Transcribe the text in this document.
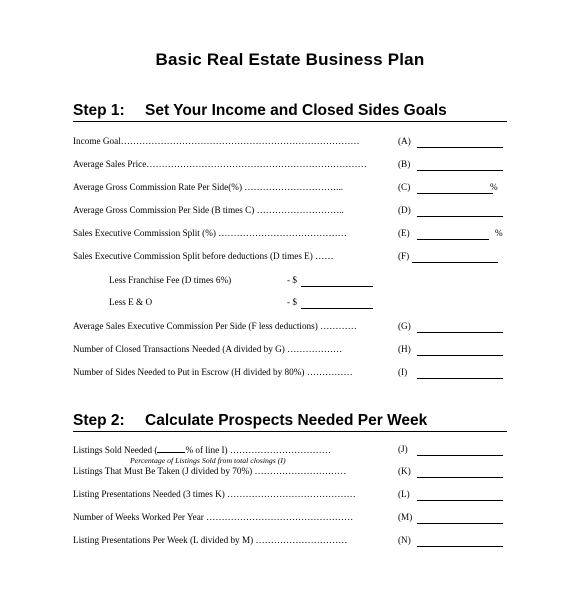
Basic Real Estate Business Plan
Step 1: Set Your Income and Closed Sides Goals
Income Goal……………………………………………………………………	(A)
Average Sales Price………………………………………………………………	(B)
Average Gross Commission Rate Per Side(%) …………………………...	(C)	%
Average Gross Commission Per Side (B times C) ………………………..	(D)
Sales Executive Commission Split (%) ……………………………………	(E)	%
Sales Executive Commission Split before deductions (D times E) ……	(F)
Less Franchise Fee (D times 6%)	- $
Less E & O	- $
Average Sales Executive Commission Per Side (F less deductions) …………	(G)
Number of Closed Transactions Needed (A divided by G) ………………	(H)
Number of Sides Needed to Put in Escrow (H divided by 80%) ……………	(I)
Step 2: Calculate Prospects Needed Per Week
Listings Sold Needed (	% of line I) ……………………………	(J)
Percentage of Listings Sold from total closings (I)
Listings That Must Be Taken (J divided by 70%) …………………………	(K)
Listing Presentations Needed (3 times K) ……………………………………	(L)
Number of Weeks Worked Per Year …………………………………………	(M)
Listing Presentations Per Week (L divided by M) …………………………	(N)
